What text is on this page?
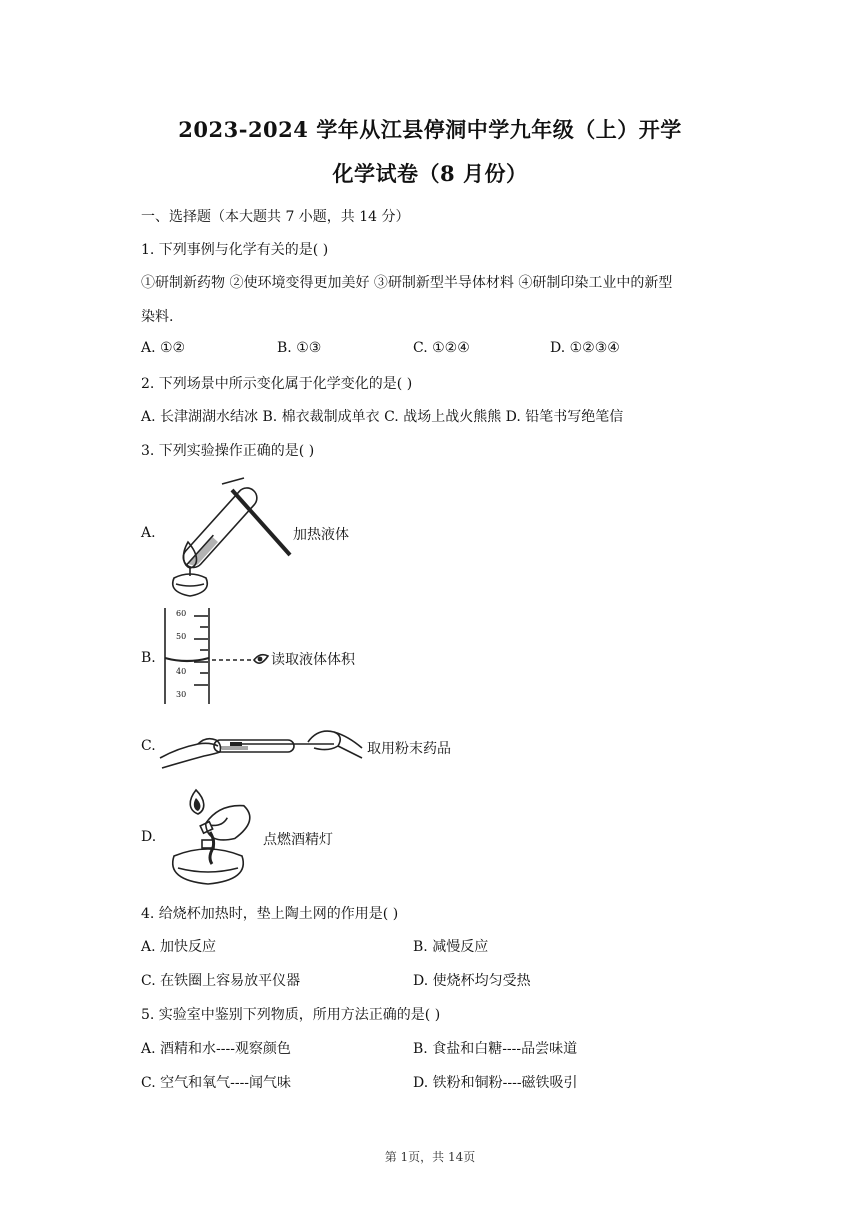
2023-2024 学年从江县停洞中学九年级（上）开学
化学试卷（8 月份）
一、选择题（本大题共 7 小题，共 14 分）
1. 下列事例与化学有关的是( )
①研制新药物 ②使环境变得更加美好 ③研制新型半导体材料 ④研制印染工业中的新型
染料.
A. ①②	B. ①③	C. ①②④	D. ①②③④
2. 下列场景中所示变化属于化学变化的是( )
A. 长津湖湖水结冰 B. 棉衣裁制成单衣 C. 战场上战火熊熊 D. 铅笔书写绝笔信
3. 下列实验操作正确的是( )
A.	加热液体
B.
60
50
40
30
读取液体体积
C.	取用粉末药品
D.	点燃酒精灯
4. 给烧杯加热时，垫上陶土网的作用是( )
A. 加快反应	B. 减慢反应
C. 在铁圈上容易放平仪器	D. 使烧杯均匀受热
5. 实验室中鉴别下列物质，所用方法正确的是( )
A. 酒精和水----观察颜色	B. 食盐和白糖----品尝味道
C. 空气和氧气----闻气味	D. 铁粉和铜粉----磁铁吸引
第 1页，共 14页
